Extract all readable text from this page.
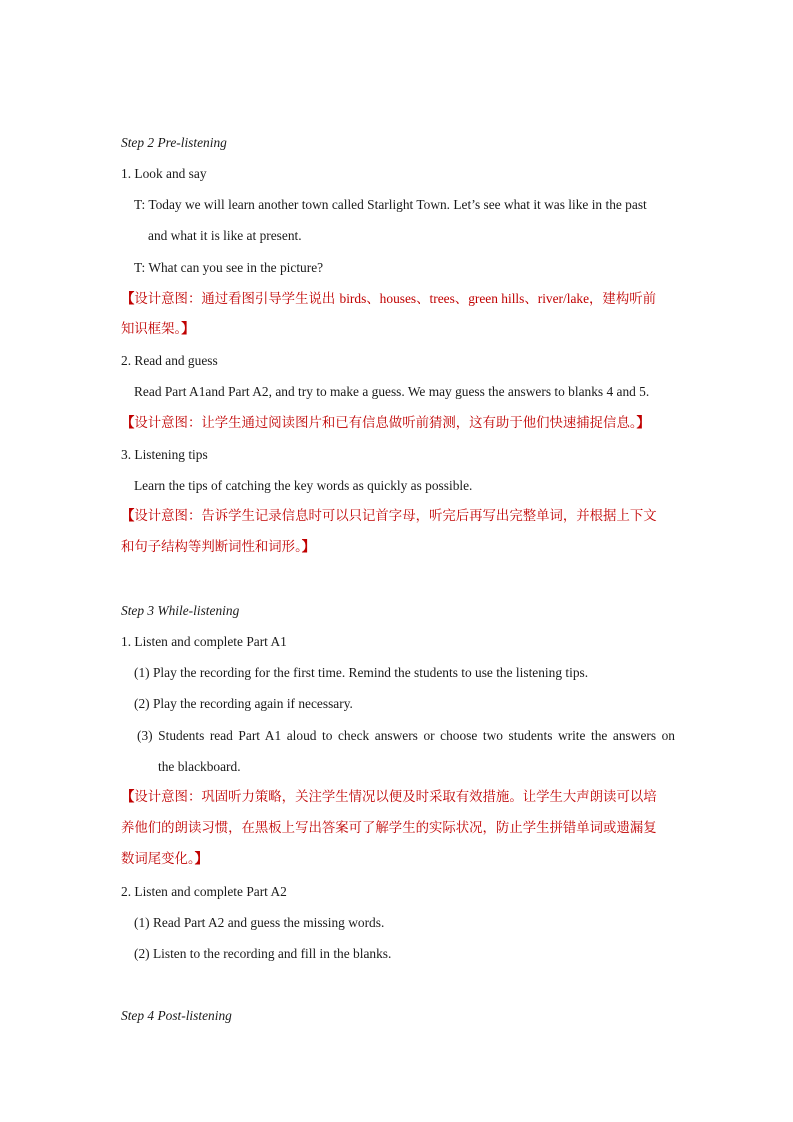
Step 2 Pre-listening
1. Look and say
T: Today we will learn another town called Starlight Town. Let’s see what it was like in the past
and what it is like at present.
T: What can you see in the picture?
【设计意图：通过看图引导学生说出 birds、houses、trees、green hills、river/lake，建构听前
知识框架。】
2. Read and guess
Read Part A1and Part A2, and try to make a guess. We may guess the answers to blanks 4 and 5.
【设计意图：让学生通过阅读图片和已有信息做听前猜测，这有助于他们快速捕捉信息。】
3. Listening tips
Learn the tips of catching the key words as quickly as possible.
【设计意图：告诉学生记录信息时可以只记首字母，听完后再写出完整单词，并根据上下文
和句子结构等判断词性和词形。】
Step 3 While-listening
1. Listen and complete Part A1
(1) Play the recording for the first time. Remind the students to use the listening tips.
(2) Play the recording again if necessary.
(3) Students read Part A1 aloud to check answers or choose two students write the answers on
the blackboard.
【设计意图：巩固听力策略，关注学生情况以便及时采取有效措施。让学生大声朗读可以培
养他们的朗读习惯，在黑板上写出答案可了解学生的实际状况，防止学生拼错单词或遗漏复
数词尾变化。】
2. Listen and complete Part A2
(1) Read Part A2 and guess the missing words.
(2) Listen to the recording and fill in the blanks.
Step 4 Post-listening
